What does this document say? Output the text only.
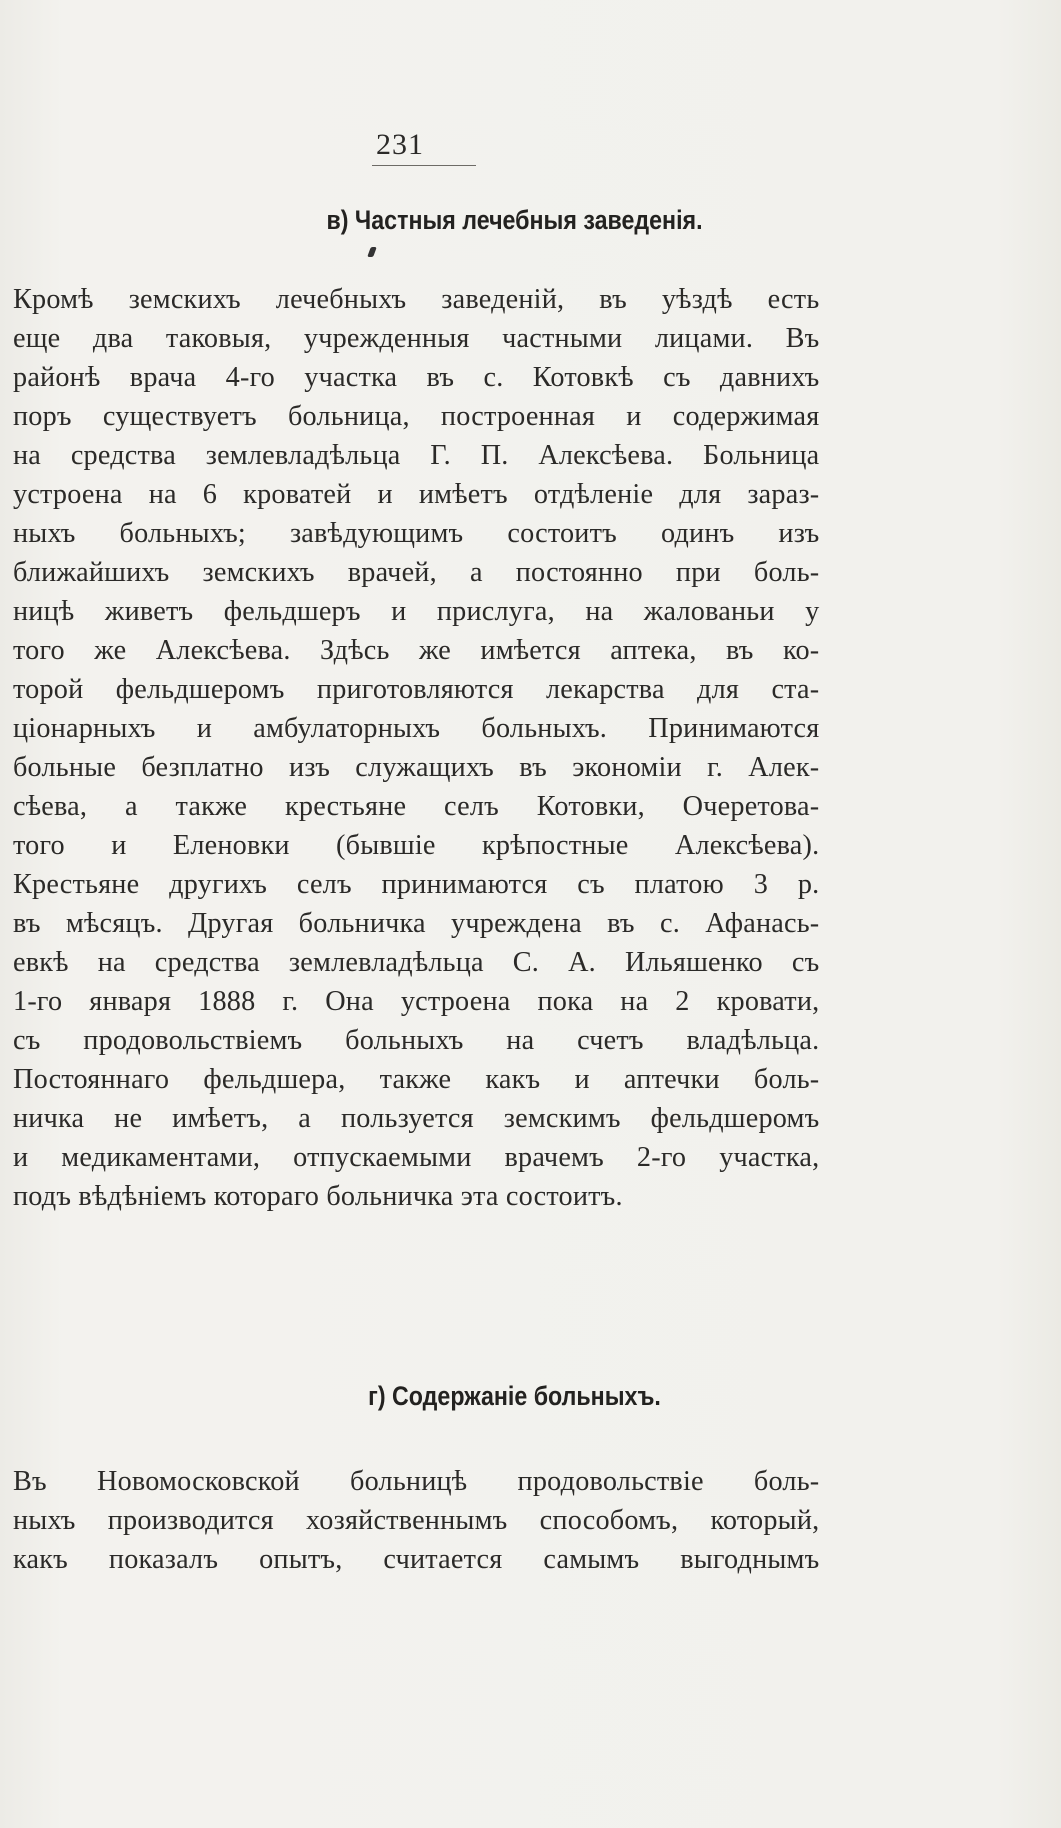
231
в) Частныя лечебныя заведенія.
Кромѣ земскихъ лечебныхъ заведеній, въ уѣздѣ есть
еще два таковыя, учрежденныя частными лицами. Въ
районѣ врача 4-го участка въ с. Котовкѣ съ давнихъ
поръ существуетъ больница, построенная и содержимая
на средства землевладѣльца Г. П. Алексѣева. Больница
устроена на 6 кроватей и имѣетъ отдѣленіе для зараз-
ныхъ больныхъ; завѣдующимъ состоитъ одинъ изъ
ближайшихъ земскихъ врачей, а постоянно при боль-
ницѣ живетъ фельдшеръ и прислуга, на жалованьи у
того же Алексѣева. Здѣсь же имѣется аптека, въ ко-
торой фельдшеромъ приготовляются лекарства для ста-
ціонарныхъ и амбулаторныхъ больныхъ. Принимаются
больные безплатно изъ служащихъ въ экономіи г. Алек-
сѣева, а также крестьяне селъ Котовки, Очеретова-
того и Еленовки (бывшіе крѣпостные Алексѣева).
Крестьяне другихъ селъ принимаются съ платою 3 р.
въ мѣсяцъ. Другая больничка учреждена въ с. Афанась-
евкѣ на средства землевладѣльца С. А. Ильяшенко съ
1-го января 1888 г. Она устроена пока на 2 кровати,
съ продовольствіемъ больныхъ на счетъ владѣльца.
Постояннаго фельдшера, также какъ и аптечки боль-
ничка не имѣетъ, а пользуется земскимъ фельдшеромъ
и медикаментами, отпускаемыми врачемъ 2-го участка,
подъ вѣдѣніемъ котораго больничка эта состоитъ.
г) Содержаніе больныхъ.
Въ Новомосковской больницѣ продовольствіе боль-
ныхъ производится хозяйственнымъ способомъ, который,
какъ показалъ опытъ, считается самымъ выгоднымъ
